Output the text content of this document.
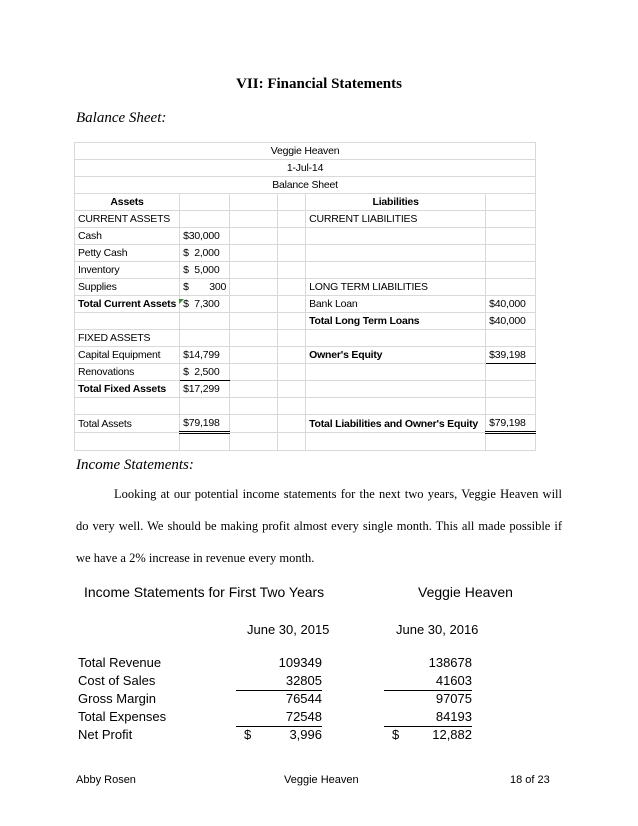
VII: Financial Statements
Balance Sheet:
Veggie Heaven					
1-Jul-14					
Balance Sheet					
Assets				Liabilities	
CURRENT ASSETS				CURRENT LIABILITIES	
Cash	$30,000				
Petty Cash	$ 2,000				
Inventory	$ 5,000				
Supplies	$ 300			LONG TERM LIABILITIES	
Total Current Assets	$ 7,300			Bank Loan	$40,000
				Total Long Term Loans	$40,000
FIXED ASSETS					
Capital Equipment	$14,799			Owner's Equity	$39,198
Renovations	$ 2,500				
Total Fixed Assets	$17,299				

Total Assets	$79,198			Total Liabilities and Owner's Equity	$79,198

Income Statements:
Looking at our potential income statements for the next two years, Veggie Heaven will do very well. We should be making profit almost every single month. This all made possible if we have a 2% increase in revenue every month.
Income Statements for First Two Years	Veggie Heaven
June 30, 2015	June 30, 2016
Total Revenue	109349	138678
Cost of Sales	32805	41603
Gross Margin	76544	97075
Total Expenses	72548	84193
Net Profit	$	3,996	$	12,882
Abby Rosen	Veggie Heaven	18 of 23
